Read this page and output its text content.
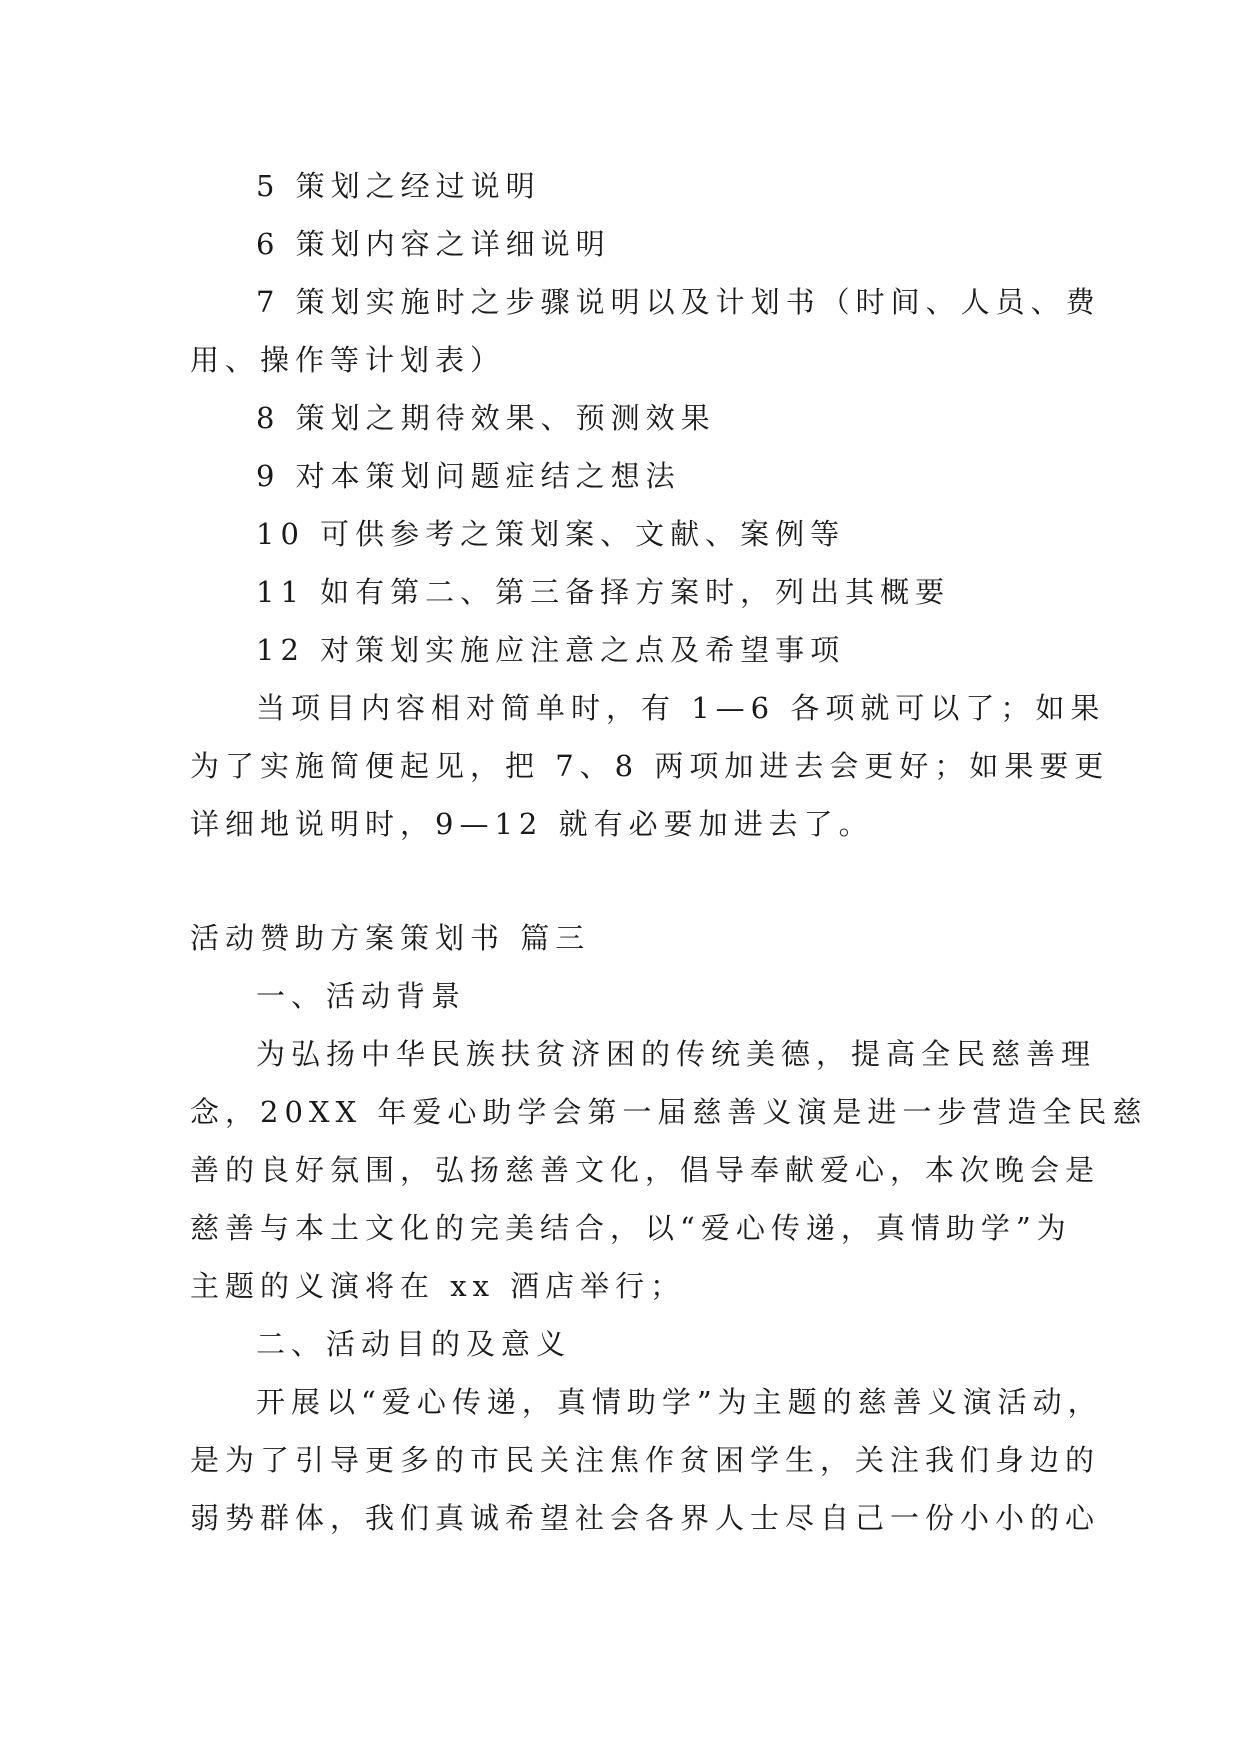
5 策划之经过说明
6 策划内容之详细说明
7 策划实施时之步骤说明以及计划书（时间、人员、费
用、操作等计划表）
8 策划之期待效果、预测效果
9 对本策划问题症结之想法
10 可供参考之策划案、文献、案例等
11 如有第二、第三备择方案时，列出其概要
12 对策划实施应注意之点及希望事项
当项目内容相对简单时，有 1—6 各项就可以了；如果
为了实施简便起见，把 7、8 两项加进去会更好；如果要更
详细地说明时，9—12 就有必要加进去了。
活动赞助方案策划书 篇三
一、活动背景
为弘扬中华民族扶贫济困的传统美德，提高全民慈善理
念，20XX 年爱心助学会第一届慈善义演是进一步营造全民慈
善的良好氛围，弘扬慈善文化，倡导奉献爱心，本次晚会是
慈善与本土文化的完美结合，以“爱心传递，真情助学”为
主题的义演将在 xx 酒店举行；
二、活动目的及意义
开展以“爱心传递，真情助学”为主题的慈善义演活动，
是为了引导更多的市民关注焦作贫困学生，关注我们身边的
弱势群体，我们真诚希望社会各界人士尽自己一份小小的心
